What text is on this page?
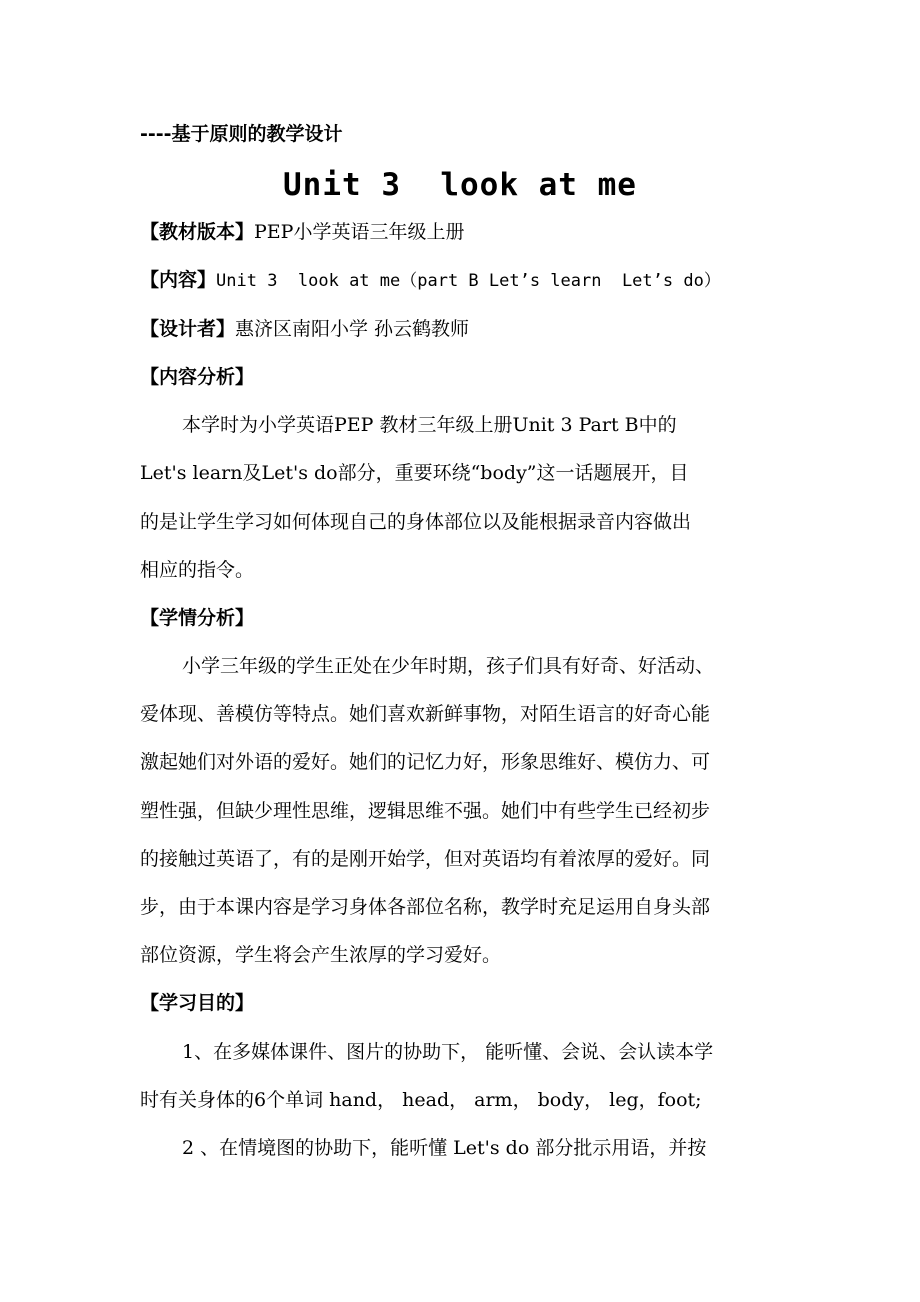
----基于原则的教学设计
Unit 3  look at me
【教材版本】PEP小学英语三年级上册
【内容】Unit 3  look at me（part B Let’s learn  Let’s do）
【设计者】惠济区南阳小学 孙云鹤教师
【内容分析】
本学时为小学英语PEP 教材三年级上册Unit 3 Part B中的
Let's learn及Let's do部分，重要环绕“body”这一话题展开，目
的是让学生学习如何体现自己的身体部位以及能根据录音内容做出
相应的指令。
【学情分析】
小学三年级的学生正处在少年时期，孩子们具有好奇、好活动、
爱体现、善模仿等特点。她们喜欢新鲜事物，对陌生语言的好奇心能
激起她们对外语的爱好。她们的记忆力好，形象思维好、模仿力、可
塑性强，但缺少理性思维，逻辑思维不强。她们中有些学生已经初步
的接触过英语了，有的是刚开始学，但对英语均有着浓厚的爱好。同
步，由于本课内容是学习身体各部位名称，教学时充足运用自身头部
部位资源，学生将会产生浓厚的学习爱好。
【学习目的】
1、在多媒体课件、图片的协助下， 能听懂、会说、会认读本学
时有关身体的6个单词 hand， head， arm， body， leg，foot;
2 、在情境图的协助下，能听懂 Let's do 部分批示用语，并按
